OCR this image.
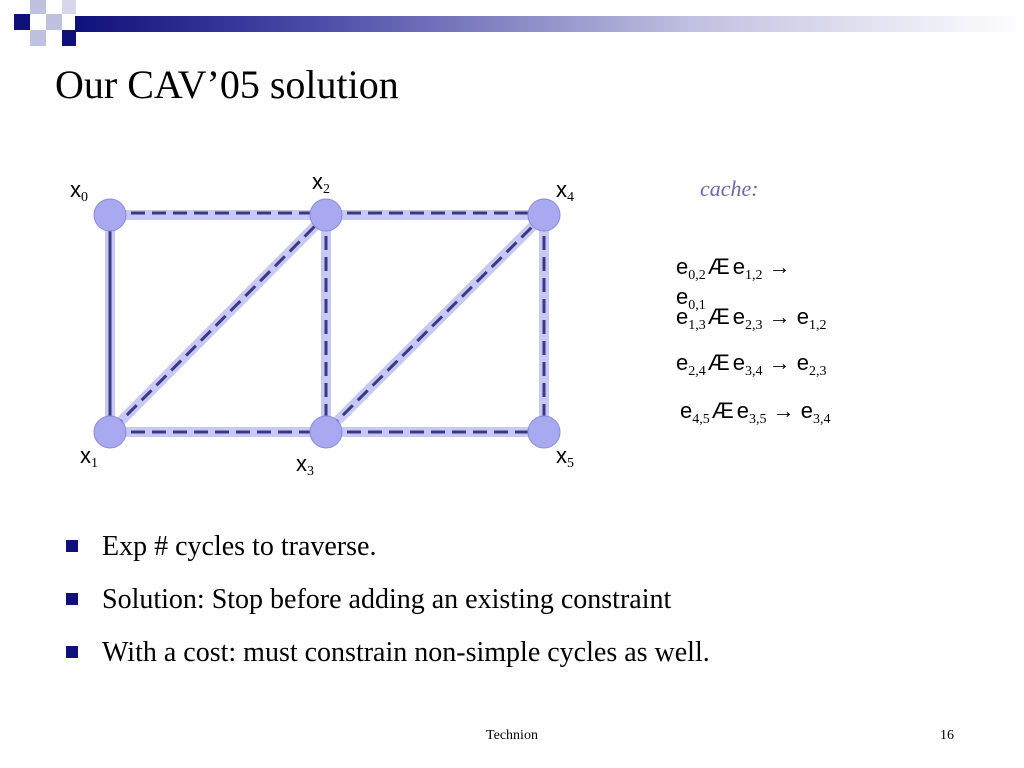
Our CAV’05 solution
$x_0$
$x_2$	$x_4$
$x_1$	$x_3$
$x_5$
cache:
$e_{0,2}Æ$ $e_{1,2}$ →
$e_{0,1}$
$e_{1,3}Æ$ $e_{2,3} \to e_{1,2}$
$e_{2,4}Æ$ $e_{3,4} \to e_{2,3}$
$e_{4,5}Æ$ $e_{3,5} \to e_{3,4}$
Exp # cycles to traverse.
Solution: Stop before adding an existing constraint
With a cost: must constrain non-simple cycles as well.
Technion	16
